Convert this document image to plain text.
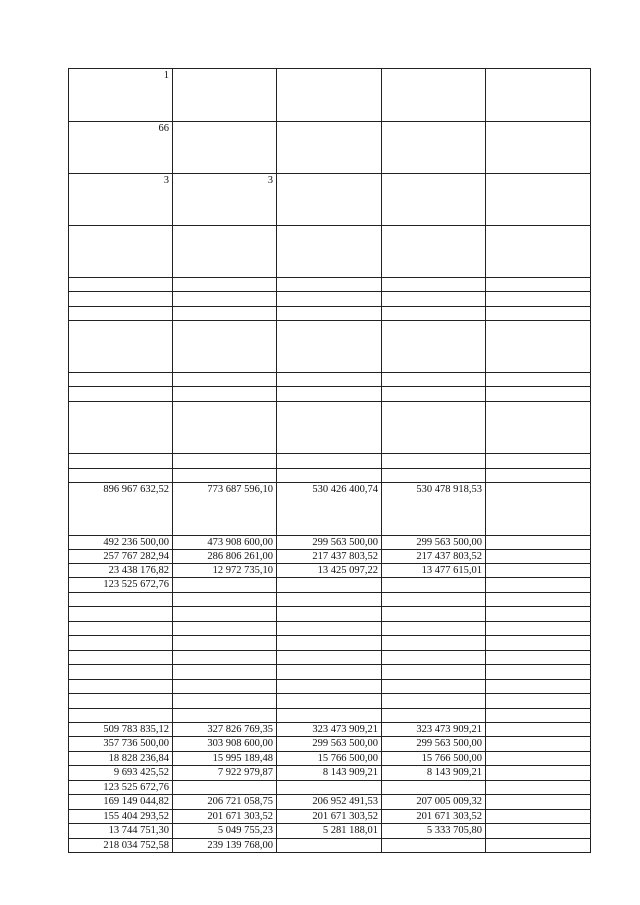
1				
66				
3	3			

896 967 632,52	773 687 596,10	530 426 400,74	530 478 918,53	
492 236 500,00	473 908 600,00	299 563 500,00	299 563 500,00	
257 767 282,94	286 806 261,00	217 437 803,52	217 437 803,52	
23 438 176,82	12 972 735,10	13 425 097,22	13 477 615,01	
123 525 672,76				

509 783 835,12	327 826 769,35	323 473 909,21	323 473 909,21	
357 736 500,00	303 908 600,00	299 563 500,00	299 563 500,00	
18 828 236,84	15 995 189,48	15 766 500,00	15 766 500,00	
9 693 425,52	7 922 979,87	8 143 909,21	8 143 909,21	
123 525 672,76				
169 149 044,82	206 721 058,75	206 952 491,53	207 005 009,32	
155 404 293,52	201 671 303,52	201 671 303,52	201 671 303,52	
13 744 751,30	5 049 755,23	5 281 188,01	5 333 705,80	
218 034 752,58	239 139 768,00			
